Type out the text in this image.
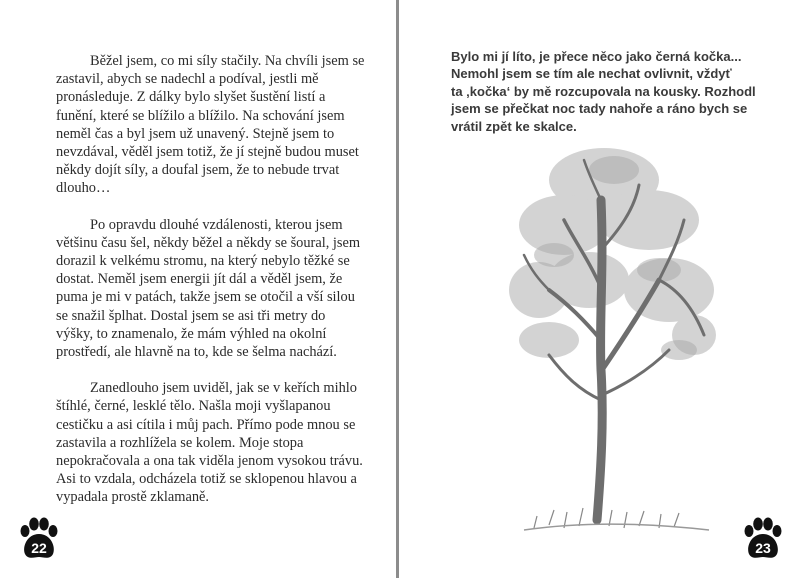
Běžel jsem, co mi síly stačily. Na chvíli jsem se zastavil, abych se nadechl a podíval, jestli mě pronásleduje. Z dálky bylo slyšet šustění listí a funění, které se blížilo a blížilo. Na schování jsem neměl čas a byl jsem už unavený. Stejně jsem to nevzdával, věděl jsem totiž, že jí stejně budou muset někdy dojít síly, a doufal jsem, že to nebude trvat dlouho…

Po opravdu dlouhé vzdálenosti, kterou jsem většinu času šel, někdy běžel a někdy se šoural, jsem dorazil k velkému stromu, na který nebylo těžké se dostat. Neměl jsem energii jít dál a věděl jsem, že puma je mi v patách, takže jsem se otočil a vší silou se snažil šplhat. Dostal jsem se asi tři metry do výšky, to znamenalo, že mám výhled na okolní prostředí, ale hlavně na to, kde se šelma nachází.

Zanedlouho jsem uviděl, jak se v keřích mihlo štíhlé, černé, lesklé tělo. Našla moji vyšlapanou cestičku a asi cítila i můj pach. Přímo pode mnou se zastavila a rozhlížela se kolem. Moje stopa nepokračovala a ona tak viděla jenom vysokou trávu. Asi to vzdala, odcházela totiž se sklopenou hlavou a vypadala prostě zklamaně.

22

Bylo mi jí líto, je přece něco jako černá kočka...

Nemohl jsem se tím ale nechat ovlivnit, vždyť

ta ‚kočka‘ by mě rozcupovala na kousky. Rozhodl

jsem se přečkat noc tady nahoře a ráno bych se

vrátil zpět ke skalce.

23
